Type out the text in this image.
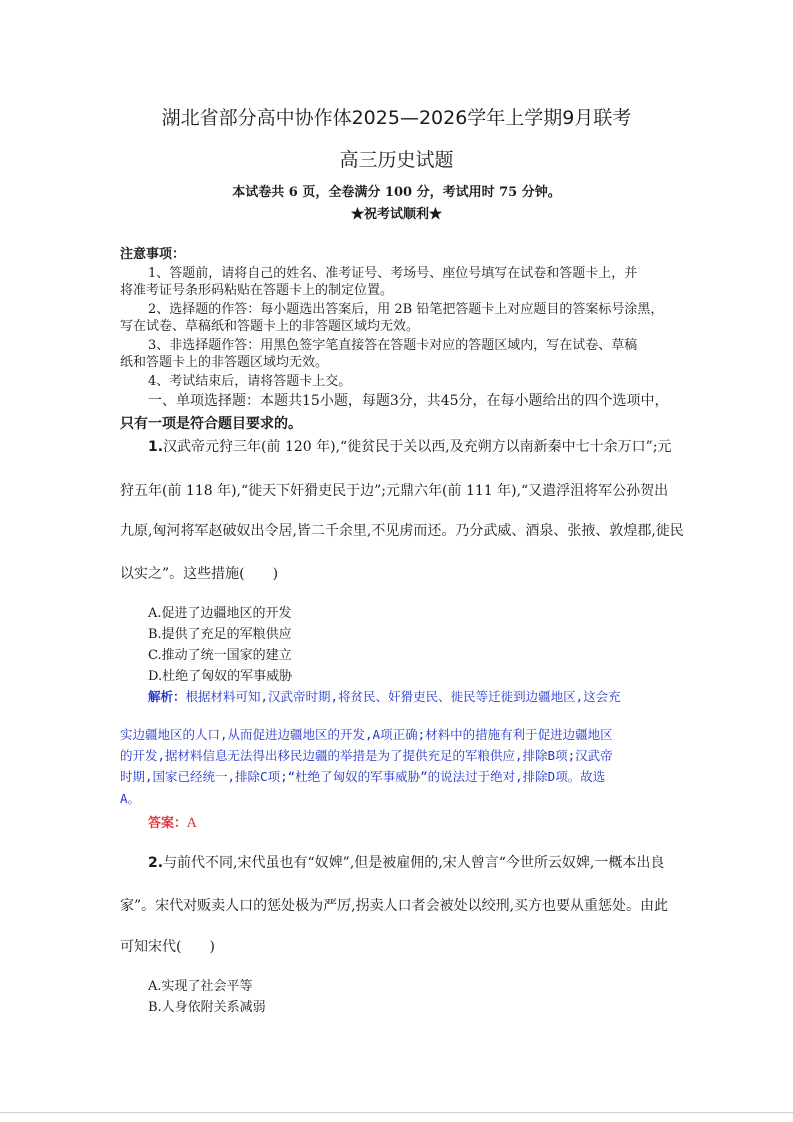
湖北省部分高中协作体2025—2026学年上学期9月联考
高三历史试题
本试卷共 6 页，全卷满分 100 分，考试用时 75 分钟。
★祝考试顺利★
注意事项：
1、答题前，请将自己的姓名、准考证号、考场号、座位号填写在试卷和答题卡上，并
将准考证号条形码粘贴在答题卡上的制定位置。
2、选择题的作答：每小题选出答案后，用 2B 铅笔把答题卡上对应题目的答案标号涂黑，
写在试卷、草稿纸和答题卡上的非答题区域均无效。
3、非选择题作答：用黑色签字笔直接答在答题卡对应的答题区域内，写在试卷、草稿
纸和答题卡上的非答题区域均无效。
4、考试结束后，请将答题卡上交。
一、单项选择题：本题共15小题，每题3分，共45分，在每小题给出的四个选项中，
只有一项是符合题目要求的。
1.汉武帝元狩三年(前 120 年),“徙贫民于关以西,及充朔方以南新秦中七十余万口”;元
狩五年(前 118 年),“徙天下奸猾吏民于边”;元鼎六年(前 111 年),“又遣浮沮将军公孙贺出
九原,匈河将军赵破奴出令居,皆二千余里,不见虏而还。乃分武威、酒泉、张掖、敦煌郡,徙民
以实之”。这些措施(　　)
A.促进了边疆地区的开发
B.提供了充足的军粮供应
C.推动了统一国家的建立
D.杜绝了匈奴的军事威胁
解析：根据材料可知,汉武帝时期,将贫民、奸猾吏民、徙民等迁徙到边疆地区,这会充
实边疆地区的人口,从而促进边疆地区的开发,A项正确;材料中的措施有利于促进边疆地区
的开发,据材料信息无法得出移民边疆的举措是为了提供充足的军粮供应,排除B项;汉武帝
时期,国家已经统一,排除C项;“杜绝了匈奴的军事威胁”的说法过于绝对,排除D项。故选
A。
答案：A
2.与前代不同,宋代虽也有“奴婢”,但是被雇佣的,宋人曾言“今世所云奴婢,一概本出良
家”。宋代对贩卖人口的惩处极为严厉,拐卖人口者会被处以绞刑,买方也要从重惩处。由此
可知宋代(　　)
A.实现了社会平等
B.人身依附关系减弱
